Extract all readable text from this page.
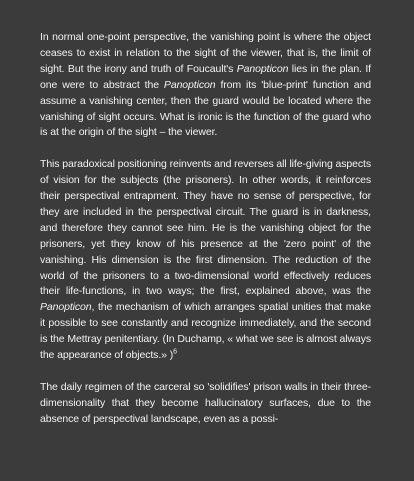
In normal one-point perspective, the vanishing point is where the object ceases to exist in relation to the sight of the viewer, that is, the limit of sight. But the irony and truth of Foucault's Panopticon lies in the plan. If one were to abstract the Panopticon from its 'blue-print' function and assume a vanishing center, then the guard would be located where the vanishing of sight occurs. What is ironic is the function of the guard who is at the origin of the sight – the viewer.

This paradoxical positioning reinvents and reverses all life-giving aspects of vision for the subjects (the prisoners). In other words, it reinforces their perspectival entrapment. They have no sense of perspective, for they are included in the perspectival circuit. The guard is in darkness, and therefore they cannot see him. He is the vanishing object for the prisoners, yet they know of his presence at the 'zero point' of the vanishing. His dimension is the first dimension. The reduction of the world of the prisoners to a two-dimensional world effectively reduces their life-functions, in two ways; the first, explained above, was the Panopticon, the mechanism of which arranges spatial unities that make it possible to see constantly and recognize immediately, and the second is the Mettray penitentiary. (In Duchamp, « what we see is almost always the appearance of objects.» )$^6$

The daily regimen of the carceral so 'solidifies' prison walls in their three-dimensionality that they become hallucinatory surfaces, due to the absence of perspectival landscape, even as a possi-
